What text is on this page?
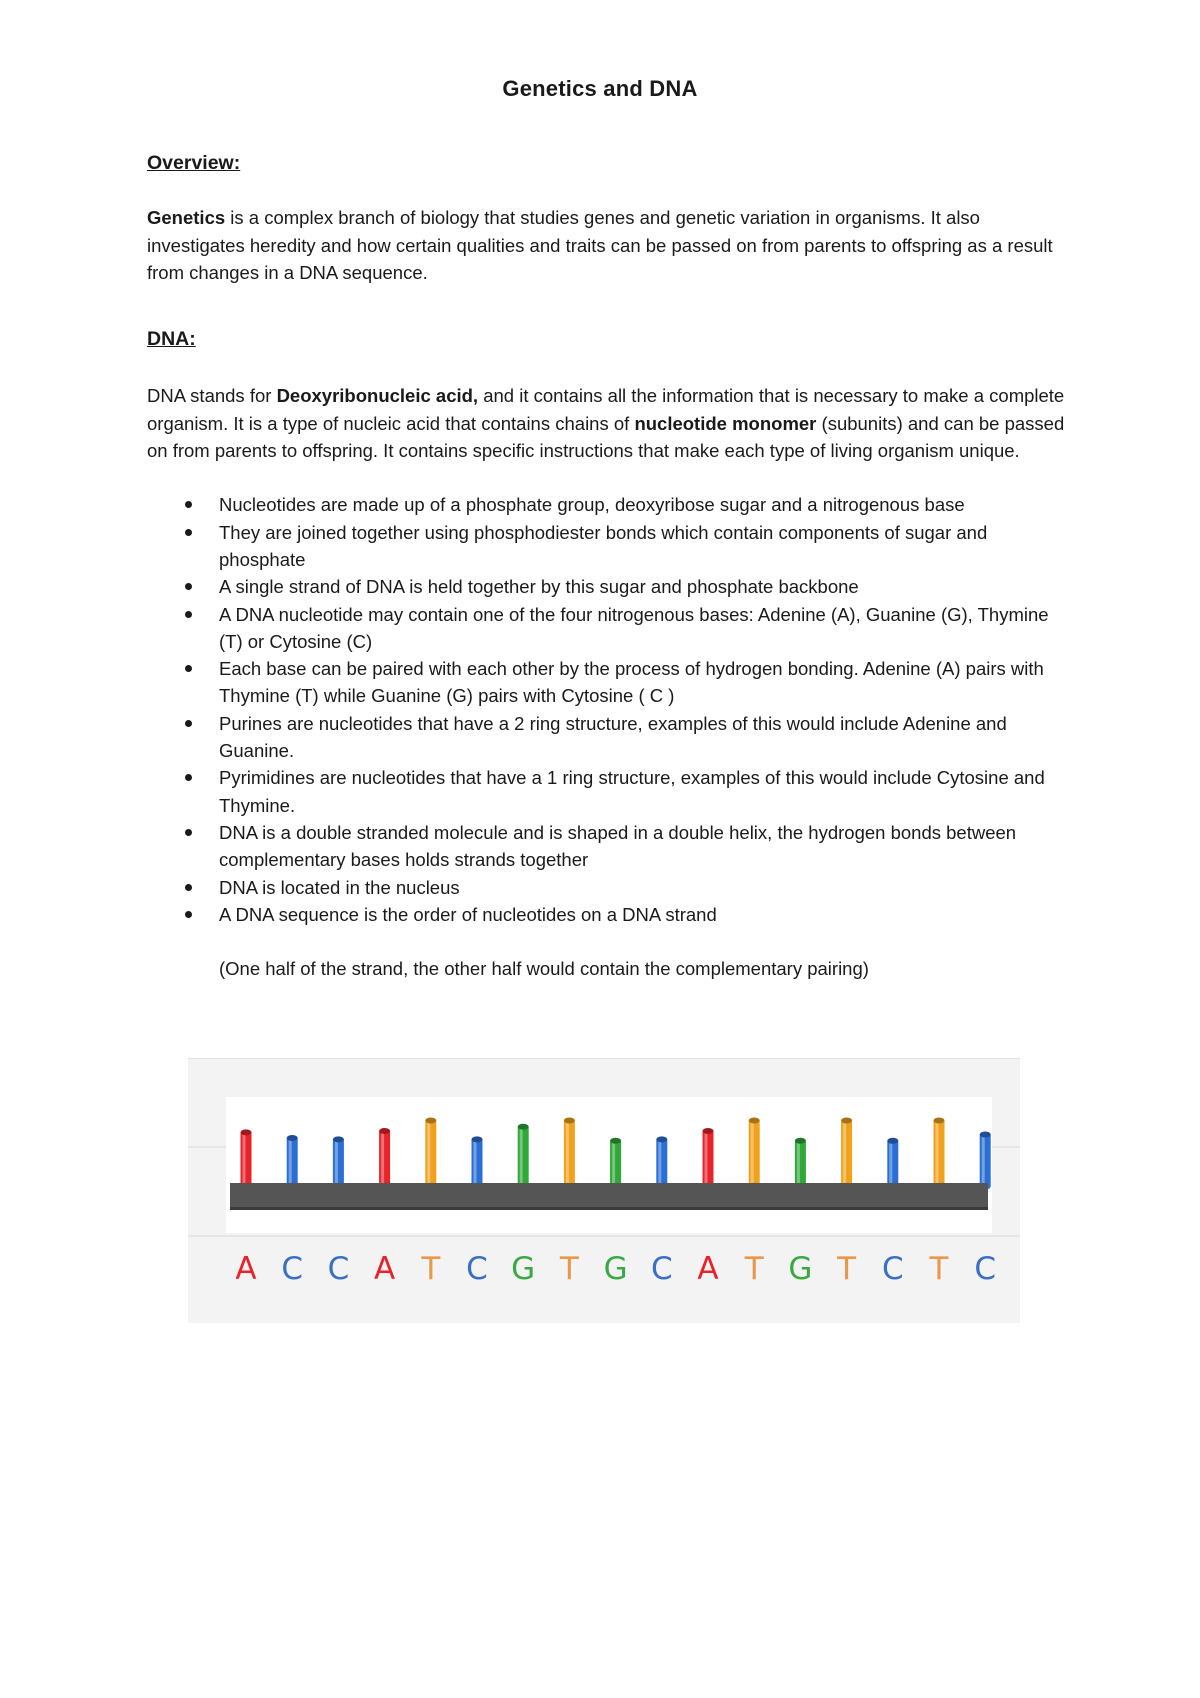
Genetics and DNA

Overview:

Genetics is a complex branch of biology that studies genes and genetic variation in organisms. It also investigates heredity and how certain qualities and traits can be passed on from parents to offspring as a result from changes in a DNA sequence.

DNA:

DNA stands for Deoxyribonucleic acid, and it contains all the information that is necessary to make a complete organism. It is a type of nucleic acid that contains chains of nucleotide monomer (subunits) and can be passed on from parents to offspring. It contains specific instructions that make each type of living organism unique.

Nucleotides are made up of a phosphate group, deoxyribose sugar and a nitrogenous base
They are joined together using phosphodiester bonds which contain components of sugar and phosphate
A single strand of DNA is held together by this sugar and phosphate backbone
A DNA nucleotide may contain one of the four nitrogenous bases: Adenine (A), Guanine (G), Thymine (T) or Cytosine (C)
Each base can be paired with each other by the process of hydrogen bonding. Adenine (A) pairs with Thymine (T) while Guanine (G) pairs with Cytosine ( C )
Purines are nucleotides that have a 2 ring structure, examples of this would include Adenine and Guanine.
Pyrimidines are nucleotides that have a 1 ring structure, examples of this would include Cytosine and Thymine.
DNA is a double stranded molecule and is shaped in a double helix, the hydrogen bonds between complementary bases holds strands together
DNA is located in the nucleus
A DNA sequence is the order of nucleotides on a DNA strand

(One half of the strand, the other half would contain the complementary pairing)

A C C A T C G T G C A T G T C T C
